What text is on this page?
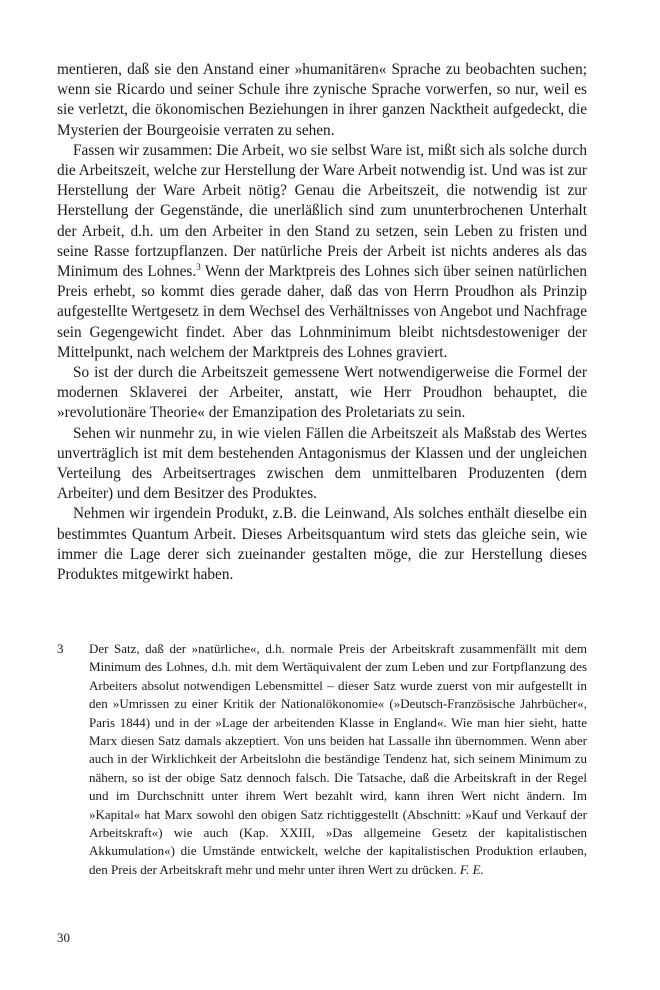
mentieren, daß sie den Anstand einer »humanitären« Sprache zu beobachten suchen; wenn sie Ricardo und seiner Schule ihre zynische Sprache vorwerfen, so nur, weil es sie verletzt, die ökonomischen Beziehungen in ihrer ganzen Nacktheit aufgedeckt, die Mysterien der Bourgeoisie verraten zu sehen.

Fassen wir zusammen: Die Arbeit, wo sie selbst Ware ist, mißt sich als solche durch die Arbeitszeit, welche zur Herstellung der Ware Arbeit notwendig ist. Und was ist zur Herstellung der Ware Arbeit nötig? Genau die Arbeitszeit, die notwendig ist zur Herstellung der Gegenstände, die unerläßlich sind zum ununterbrochenen Unterhalt der Arbeit, d.h. um den Arbeiter in den Stand zu setzen, sein Leben zu fristen und seine Rasse fortzupflanzen. Der natürliche Preis der Arbeit ist nichts anderes als das Minimum des Lohnes.$^3$ Wenn der Marktpreis des Lohnes sich über seinen natürlichen Preis erhebt, so kommt dies gerade daher, daß das von Herrn Proudhon als Prinzip aufgestellte Wertgesetz in dem Wechsel des Verhältnisses von Angebot und Nachfrage sein Gegengewicht findet. Aber das Lohnminimum bleibt nichtsdestoweniger der Mittelpunkt, nach welchem der Marktpreis des Lohnes graviert.

So ist der durch die Arbeitszeit gemessene Wert notwendigerweise die Formel der modernen Sklaverei der Arbeiter, anstatt, wie Herr Proudhon behauptet, die »revolutionäre Theorie« der Emanzipation des Proletariats zu sein.

Sehen wir nunmehr zu, in wie vielen Fällen die Arbeitszeit als Maßstab des Wertes unverträglich ist mit dem bestehenden Antagonismus der Klassen und der ungleichen Verteilung des Arbeitsertrages zwischen dem unmittelbaren Produzenten (dem Arbeiter) und dem Besitzer des Produktes.

Nehmen wir irgendein Produkt, z.B. die Leinwand, Als solches enthält dieselbe ein bestimmtes Quantum Arbeit. Dieses Arbeitsquantum wird stets das gleiche sein, wie immer die Lage derer sich zueinander gestalten möge, die zur Herstellung dieses Produktes mitgewirkt haben.

3	Der Satz, daß der »natürliche«, d.h. normale Preis der Arbeitskraft zusammenfällt mit dem Minimum des Lohnes, d.h. mit dem Wertäquivalent der zum Leben und zur Fortpflanzung des Arbeiters absolut notwendigen Lebensmittel – dieser Satz wurde zuerst von mir aufgestellt in den »Umrissen zu einer Kritik der Nationalökonomie« (»Deutsch-Französische Jahrbücher«, Paris 1844) und in der »Lage der arbeitenden Klasse in England«. Wie man hier sieht, hatte Marx diesen Satz damals akzeptiert. Von uns beiden hat Lassalle ihn übernommen. Wenn aber auch in der Wirklichkeit der Arbeitslohn die beständige Tendenz hat, sich seinem Minimum zu nähern, so ist der obige Satz dennoch falsch. Die Tatsache, daß die Arbeitskraft in der Regel und im Durchschnitt unter ihrem Wert bezahlt wird, kann ihren Wert nicht ändern. Im »Kapital« hat Marx sowohl den obigen Satz richtiggestellt (Abschnitt: »Kauf und Verkauf der Arbeitskraft«) wie auch (Kap. XXIII, »Das allgemeine Gesetz der kapitalistischen Akkumulation«) die Umstände entwickelt, welche der kapitalistischen Produktion erlauben, den Preis der Arbeitskraft mehr und mehr unter ihren Wert zu drücken. F. E.
30
